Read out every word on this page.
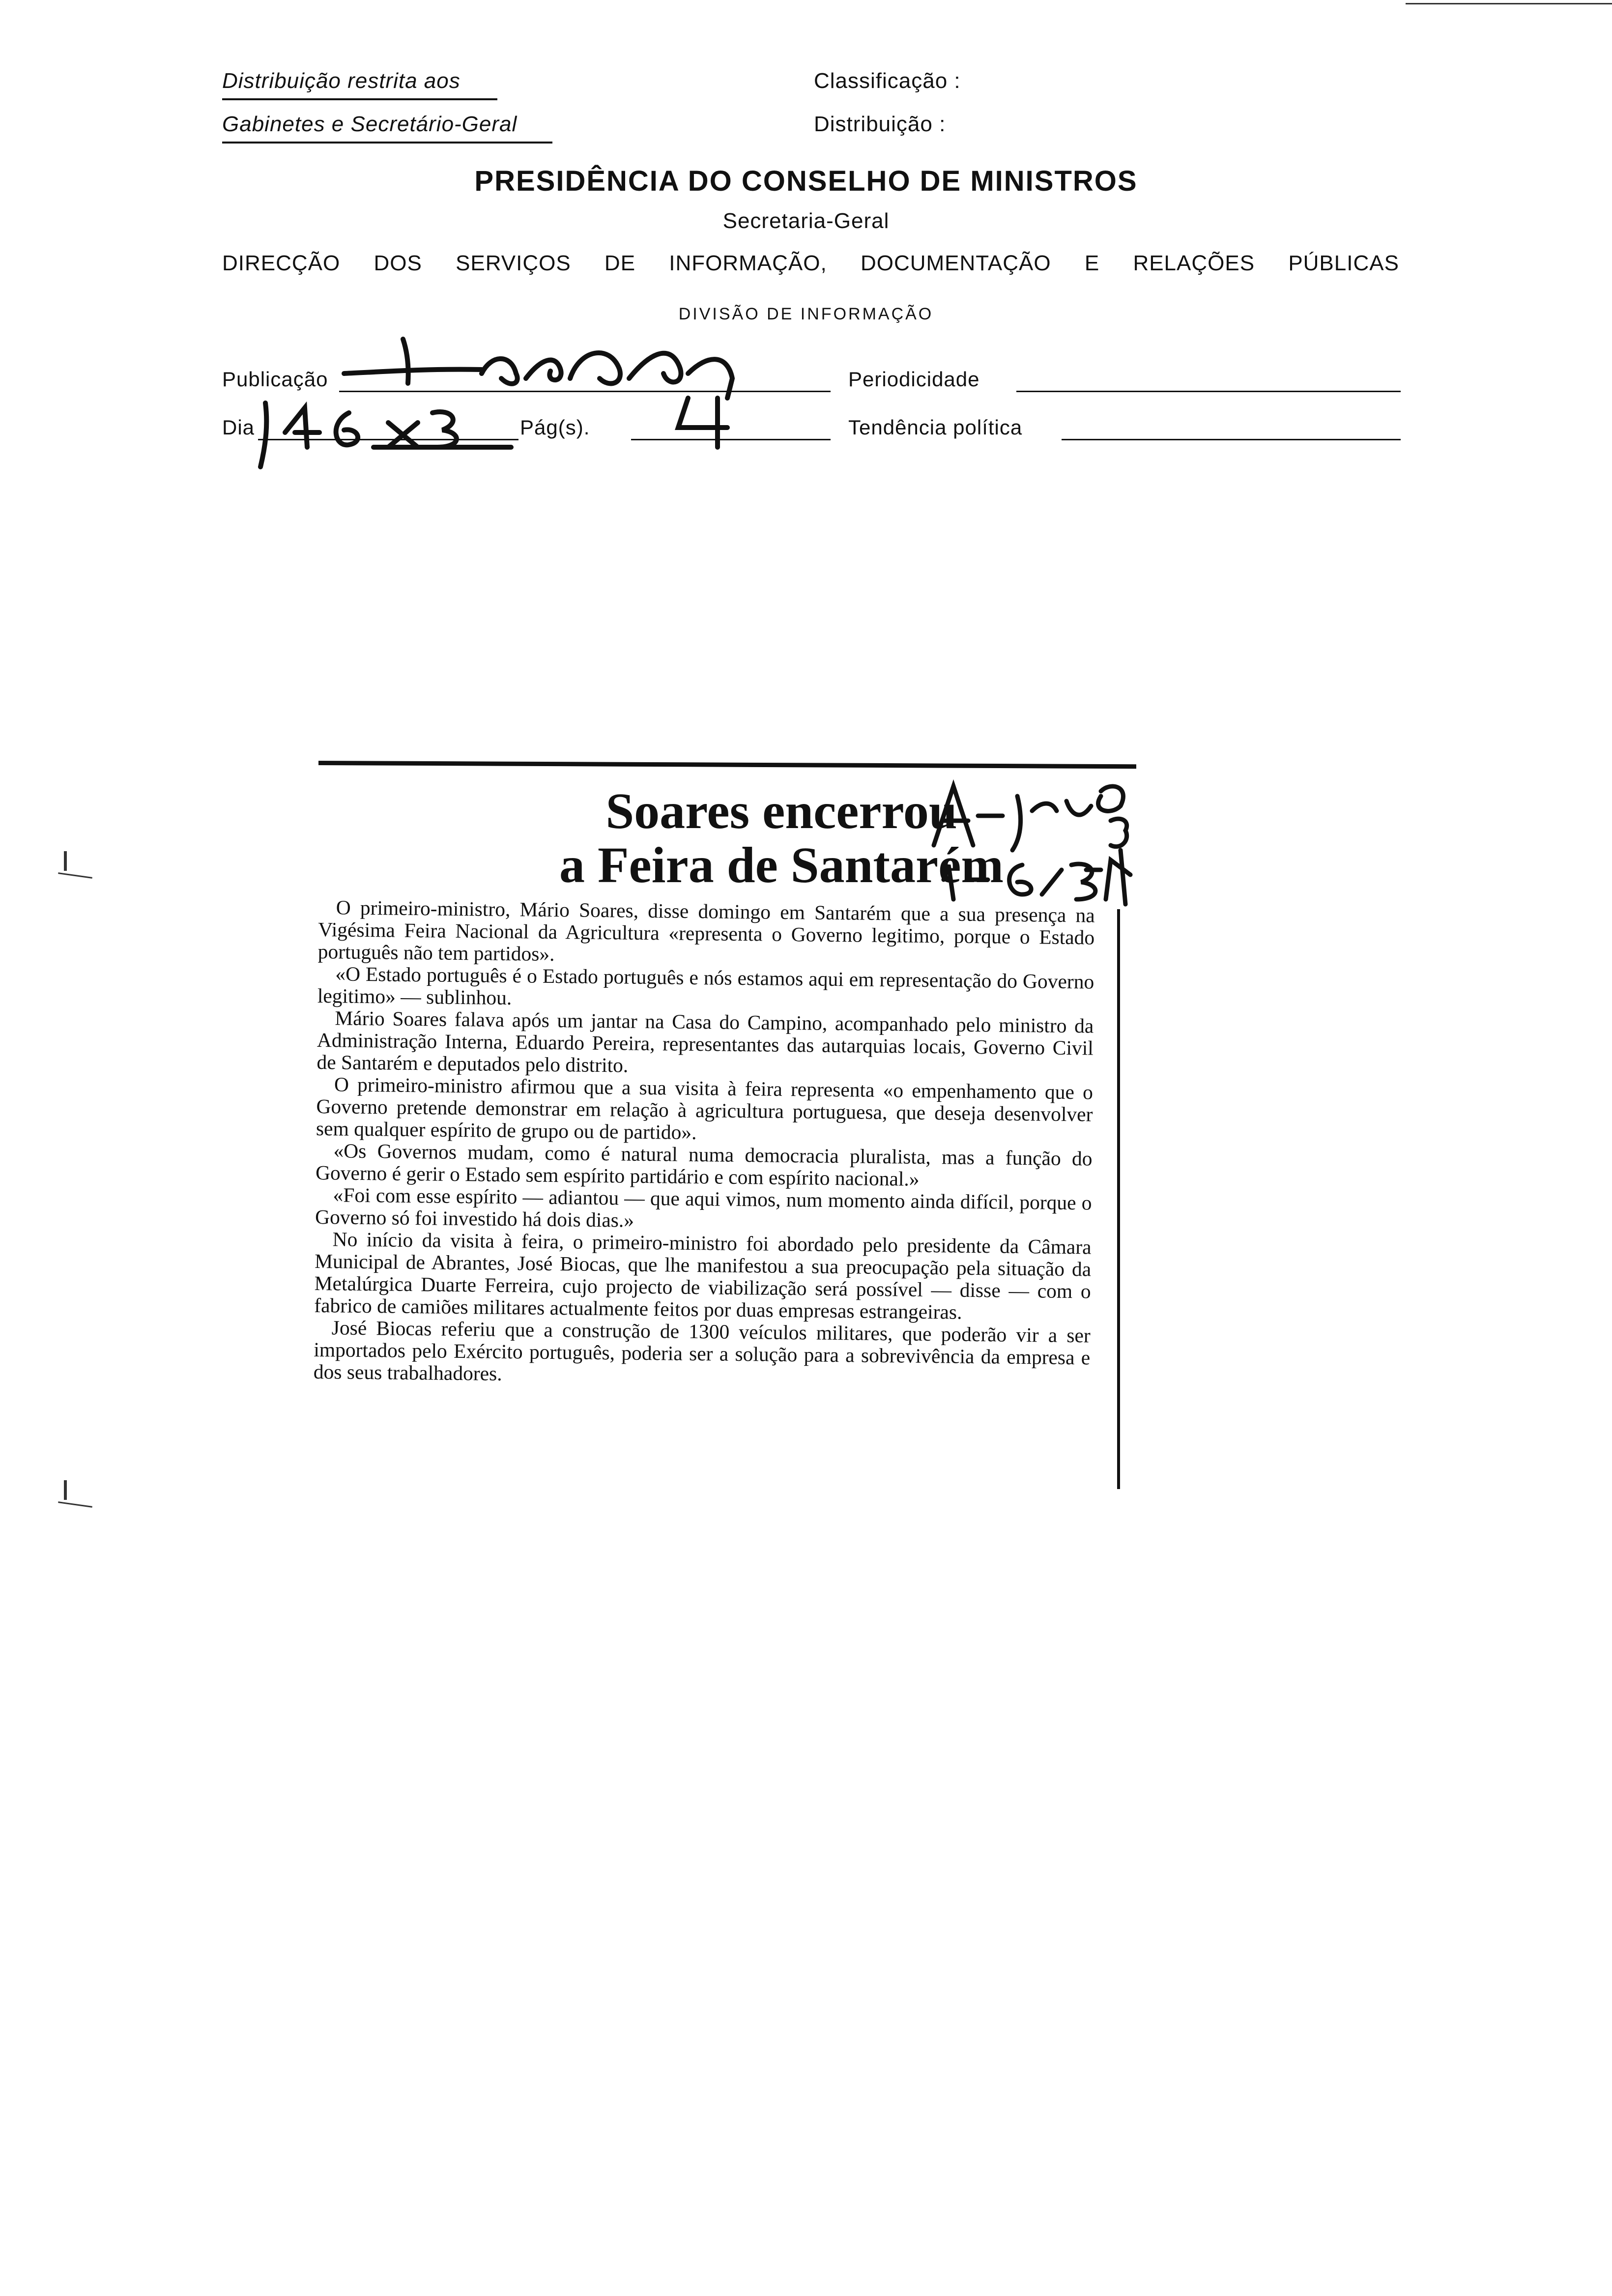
Distribuição restrita aos
Gabinetes e Secretário-Geral
Classificação :
Distribuição :
PRESIDÊNCIA DO CONSELHO DE MINISTROS
Secretaria-Geral
DIRECÇÃO DOS SERVIÇOS DE INFORMAÇÃO, DOCUMENTAÇÃO E RELAÇÕES PÚBLICAS
DIVISÃO DE INFORMAÇÃO
Publicação	Periodicidade
Dia	Pág(s).	Tendência política
Soares encerrou
a Feira de Santarém

O primeiro-ministro, Mário Soares, disse domingo em Santarém que a sua presença na Vigésima Feira Nacional da Agricultura «representa o Governo legitimo, porque o Estado português não tem partidos».

«O Estado português é o Estado português e nós estamos aqui em representação do Governo legitimo» — sublinhou.

Mário Soares falava após um jantar na Casa do Campino, acompanhado pelo ministro da Administração Interna, Eduardo Pereira, representantes das autarquias locais, Governo Civil de Santarém e deputados pelo distrito.

O primeiro-ministro afirmou que a sua visita à feira representa «o empenhamento que o Governo pretende demonstrar em relação à agricultura portuguesa, que deseja desenvolver sem qualquer espírito de grupo ou de partido».

«Os Governos mudam, como é natural numa democracia pluralista, mas a função do Governo é gerir o Estado sem espírito partidário e com espírito nacional.»

«Foi com esse espírito — adiantou — que aqui vimos, num momento ainda difícil, porque o Governo só foi investido há dois dias.»

No início da visita à feira, o primeiro-ministro foi abordado pelo presidente da Câmara Municipal de Abrantes, José Biocas, que lhe manifestou a sua preocupação pela situação da Metalúrgica Duarte Ferreira, cujo projecto de viabilização será possível — disse — com o fabrico de camiões militares actualmente feitos por duas empresas estrangeiras.

José Biocas referiu que a construção de 1300 veículos militares, que poderão vir a ser importados pelo Exército português, poderia ser a solução para a sobrevivência da empresa e dos seus trabalhadores.
